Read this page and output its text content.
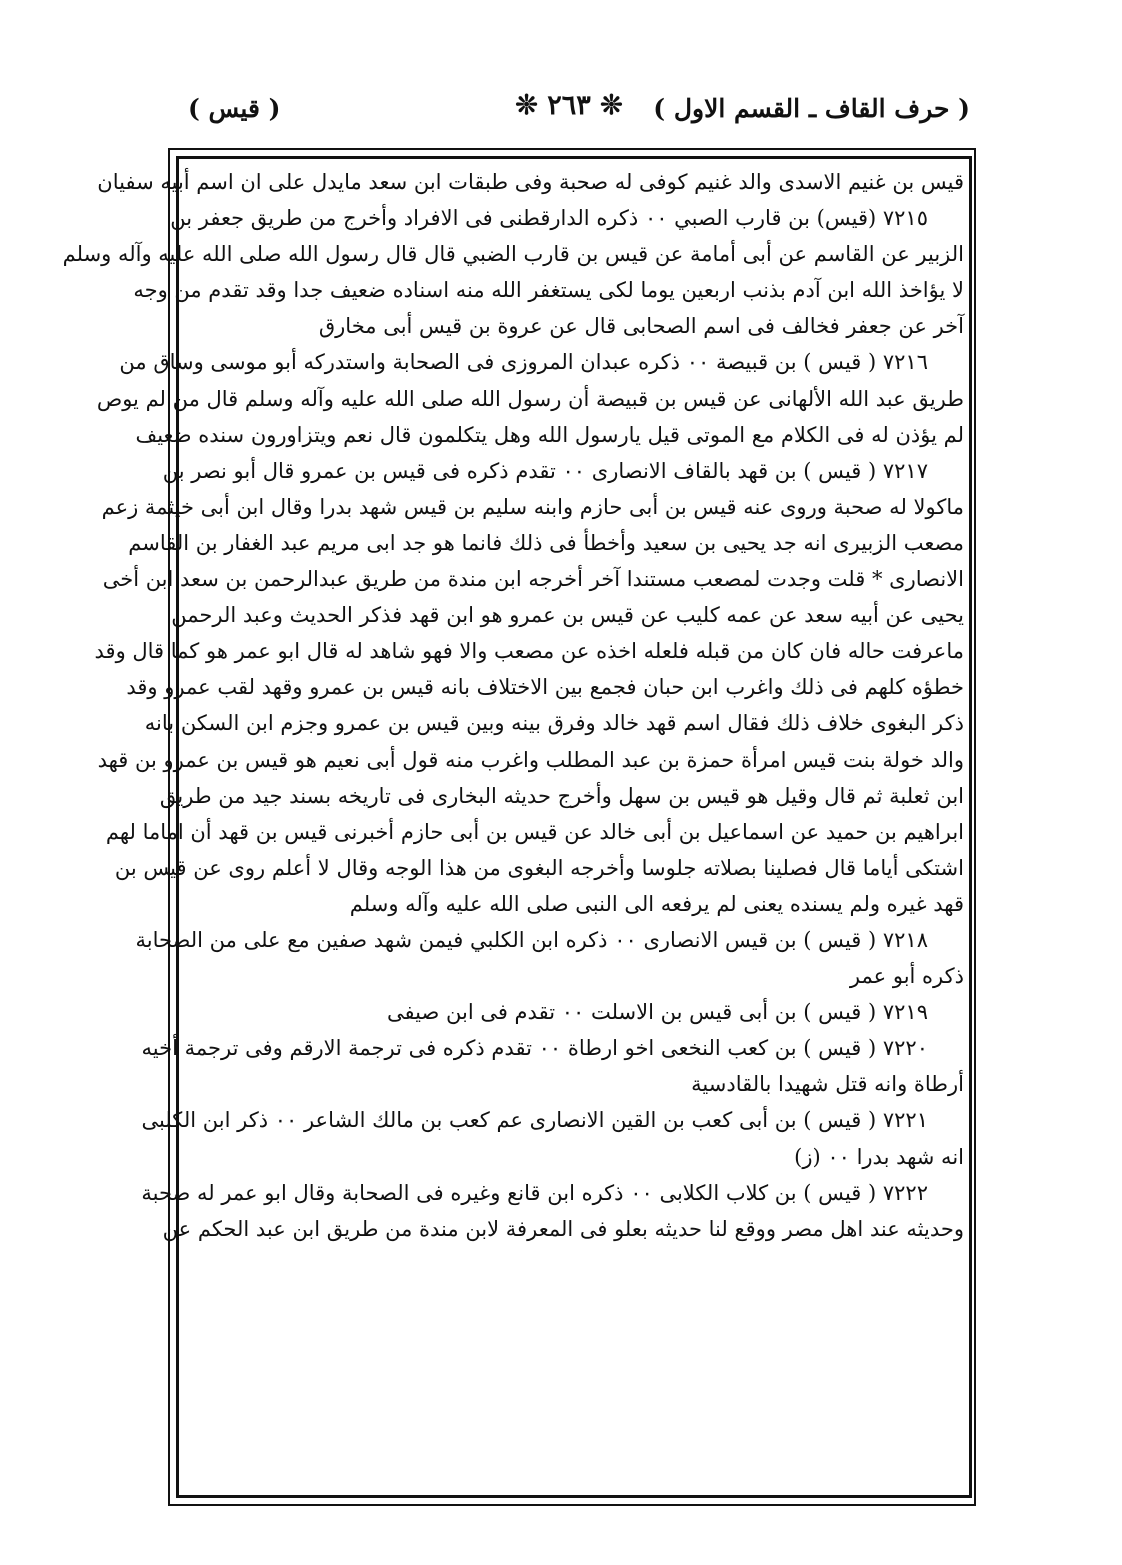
( حرف القاف ـ القسم الاول )
❊ ٢٦٣ ❊
( قيس )
قيس بن غنيم الاسدى والد غنيم كوفى له صحبة وفى طبقات ابن سعد مايدل على ان اسم أبيه سفيان
٧٢١٥ (قيس) بن قارب الصبي ٠٠ ذكره الدارقطنى فى الافراد وأخرج من طريق جعفر بن
الزبير عن القاسم عن أبى أمامة عن قيس بن قارب الضبي قال قال رسول الله صلى الله عليه وآله وسلم
لا يؤاخذ الله ابن آدم بذنب اربعين يوما لكى يستغفر الله منه اسناده ضعيف جدا وقد تقدم من وجه
آخر عن جعفر فخالف فى اسم الصحابى قال عن عروة بن قيس أبى مخارق
٧٢١٦ ( قيس ) بن قبيصة ٠٠ ذكره عبدان المروزى فى الصحابة واستدركه أبو موسى وساق من
طريق عبد الله الألهانى عن قيس بن قبيصة أن رسول الله صلى الله عليه وآله وسلم قال من لم يوص
لم يؤذن له فى الكلام مع الموتى قيل يارسول الله وهل يتكلمون قال نعم ويتزاورون سنده ضعيف
٧٢١٧ ( قيس ) بن قهد بالقاف الانصارى ٠٠ تقدم ذكره فى قيس بن عمرو قال أبو نصر بن
ماكولا له صحبة وروى عنه قيس بن أبى حازم وابنه سليم بن قيس شهد بدرا وقال ابن أبى خيثمة زعم
مصعب الزبيرى انه جد يحيى بن سعيد وأخطأ فى ذلك فانما هو جد ابى مريم عبد الغفار بن القاسم
الانصارى * قلت وجدت لمصعب مستندا آخر أخرجه ابن مندة من طريق عبدالرحمن بن سعد ابن أخى
يحيى عن أبيه سعد عن عمه كليب عن قيس بن عمرو هو ابن قهد فذكر الحديث وعبد الرحمن
ماعرفت حاله فان كان من قبله فلعله اخذه عن مصعب والا فهو شاهد له قال ابو عمر هو كما قال وقد
خطؤه كلهم فى ذلك واغرب ابن حبان فجمع بين الاختلاف بانه قيس بن عمرو وقهد لقب عمرو وقد
ذكر البغوى خلاف ذلك فقال اسم قهد خالد وفرق بينه وبين قيس بن عمرو وجزم ابن السكن بانه
والد خولة بنت قيس امرأة حمزة بن عبد المطلب واغرب منه قول أبى نعيم هو قيس بن عمرو بن قهد
ابن ثعلبة ثم قال وقيل هو قيس بن سهل وأخرج حديثه البخارى فى تاريخه بسند جيد من طريق
ابراهيم بن حميد عن اسماعيل بن أبى خالد عن قيس بن أبى حازم أخبرنى قيس بن قهد أن اماما لهم
اشتكى أياما قال فصلينا بصلاته جلوسا وأخرجه البغوى من هذا الوجه وقال لا أعلم روى عن قيس بن
قهد غيره ولم يسنده يعنى لم يرفعه الى النبى صلى الله عليه وآله وسلم
٧٢١٨ ( قيس ) بن قيس الانصارى ٠٠ ذكره ابن الكلبي فيمن شهد صفين مع على من الصحابة
ذكره أبو عمر
٧٢١٩ ( قيس ) بن أبى قيس بن الاسلت ٠٠ تقدم فى ابن صيفى
٧٢٢٠ ( قيس ) بن كعب النخعى اخو ارطاة ٠٠ تقدم ذكره فى ترجمة الارقم وفى ترجمة أخيه
أرطاة وانه قتل شهيدا بالقادسية
٧٢٢١ ( قيس ) بن أبى كعب بن القين الانصارى عم كعب بن مالك الشاعر ٠٠ ذكر ابن الكلبى
انه شهد بدرا ٠٠ (ز)
٧٢٢٢ ( قيس ) بن كلاب الكلابى ٠٠ ذكره ابن قانع وغيره فى الصحابة وقال ابو عمر له صحبة
وحديثه عند اهل مصر ووقع لنا حديثه بعلو فى المعرفة لابن مندة من طريق ابن عبد الحكم عن
